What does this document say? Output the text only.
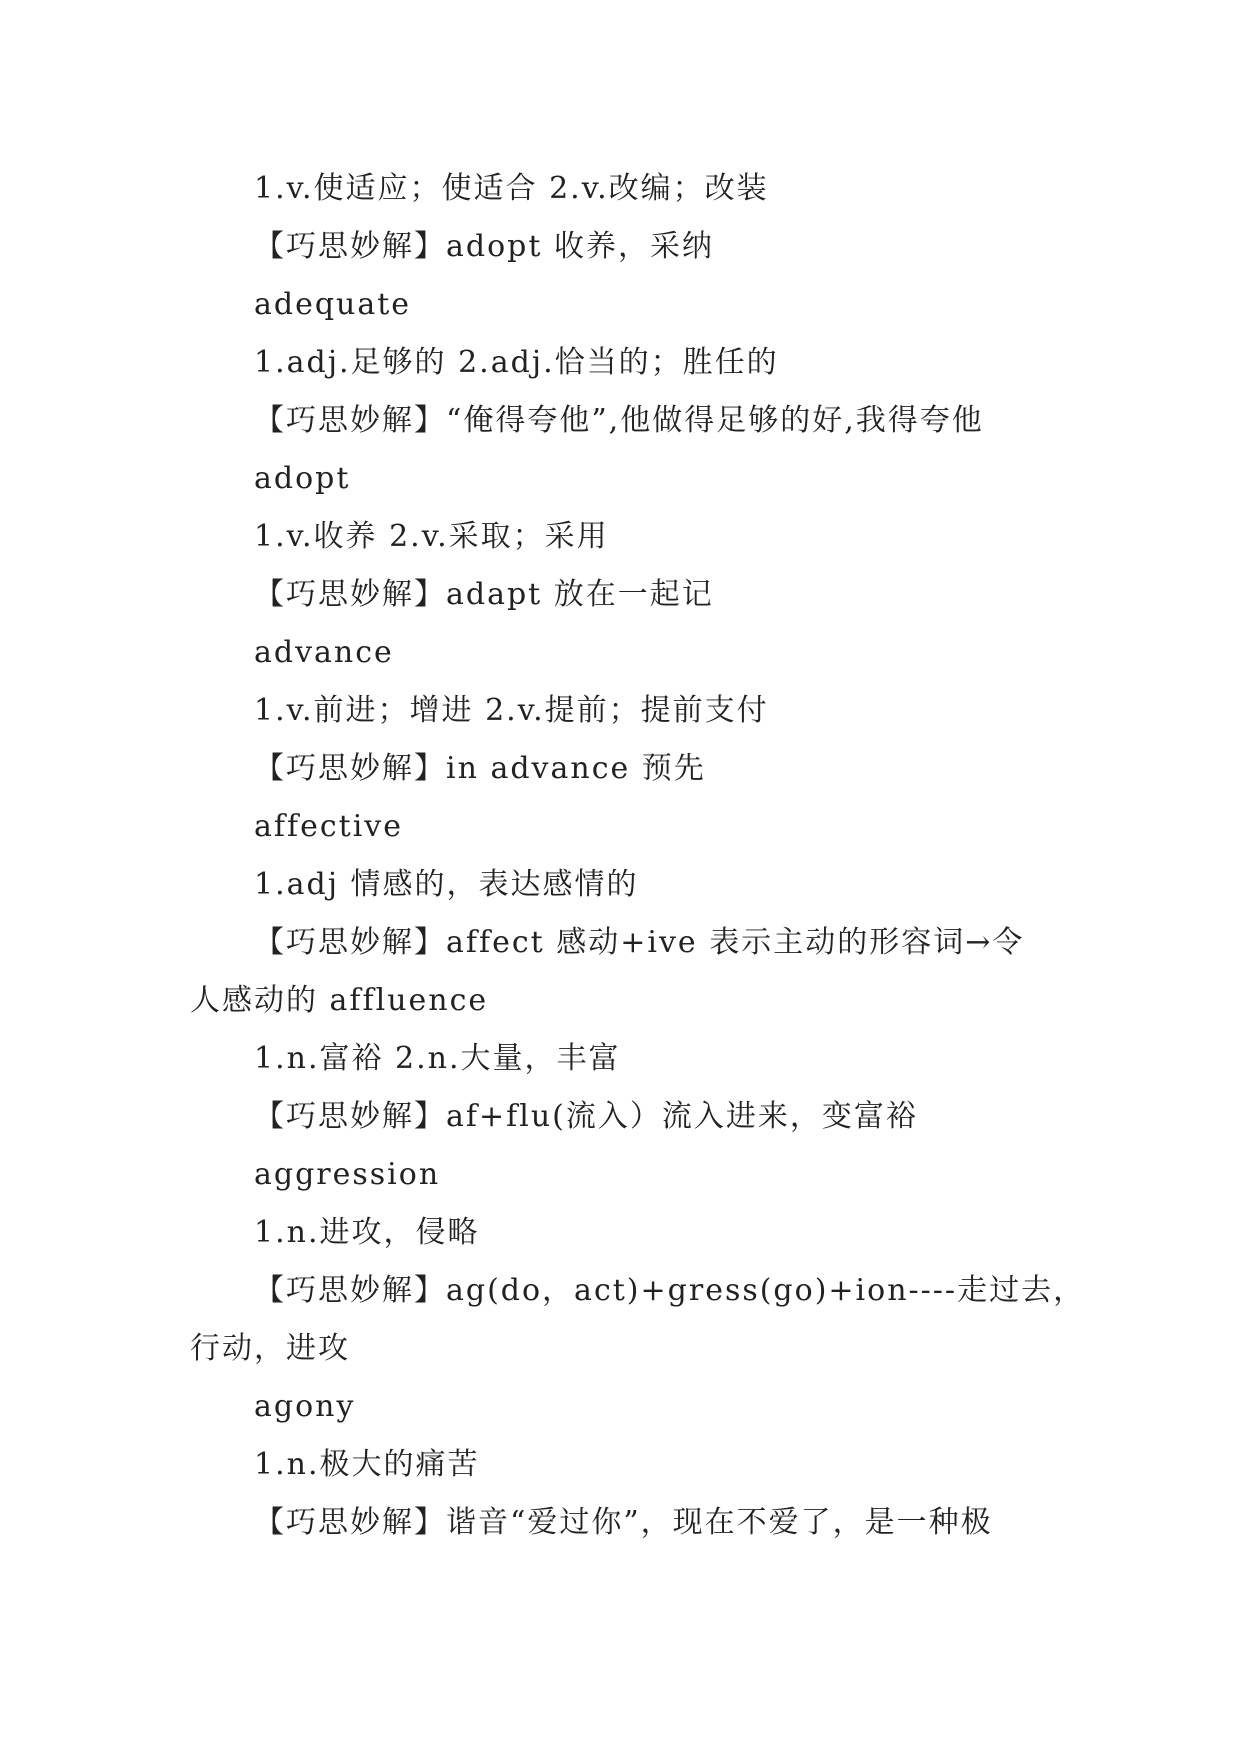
1.v.使适应；使适合 2.v.改编；改装
【巧思妙解】adopt 收养，采纳
adequate
1.adj.足够的 2.adj.恰当的；胜任的
【巧思妙解】“俺得夸他”,他做得足够的好,我得夸他
adopt
1.v.收养 2.v.采取；采用
【巧思妙解】adapt 放在一起记
advance
1.v.前进；增进 2.v.提前；提前支付
【巧思妙解】in advance 预先
affective
1.adj 情感的，表达感情的
【巧思妙解】affect 感动+ive 表示主动的形容词→令
人感动的 affluence
1.n.富裕 2.n.大量，丰富
【巧思妙解】af+flu(流入）流入进来，变富裕
aggression
1.n.进攻，侵略
【巧思妙解】ag(do，act)+gress(go)+ion----走过去，
行动，进攻
agony
1.n.极大的痛苦
【巧思妙解】谐音“爱过你”，现在不爱了，是一种极
